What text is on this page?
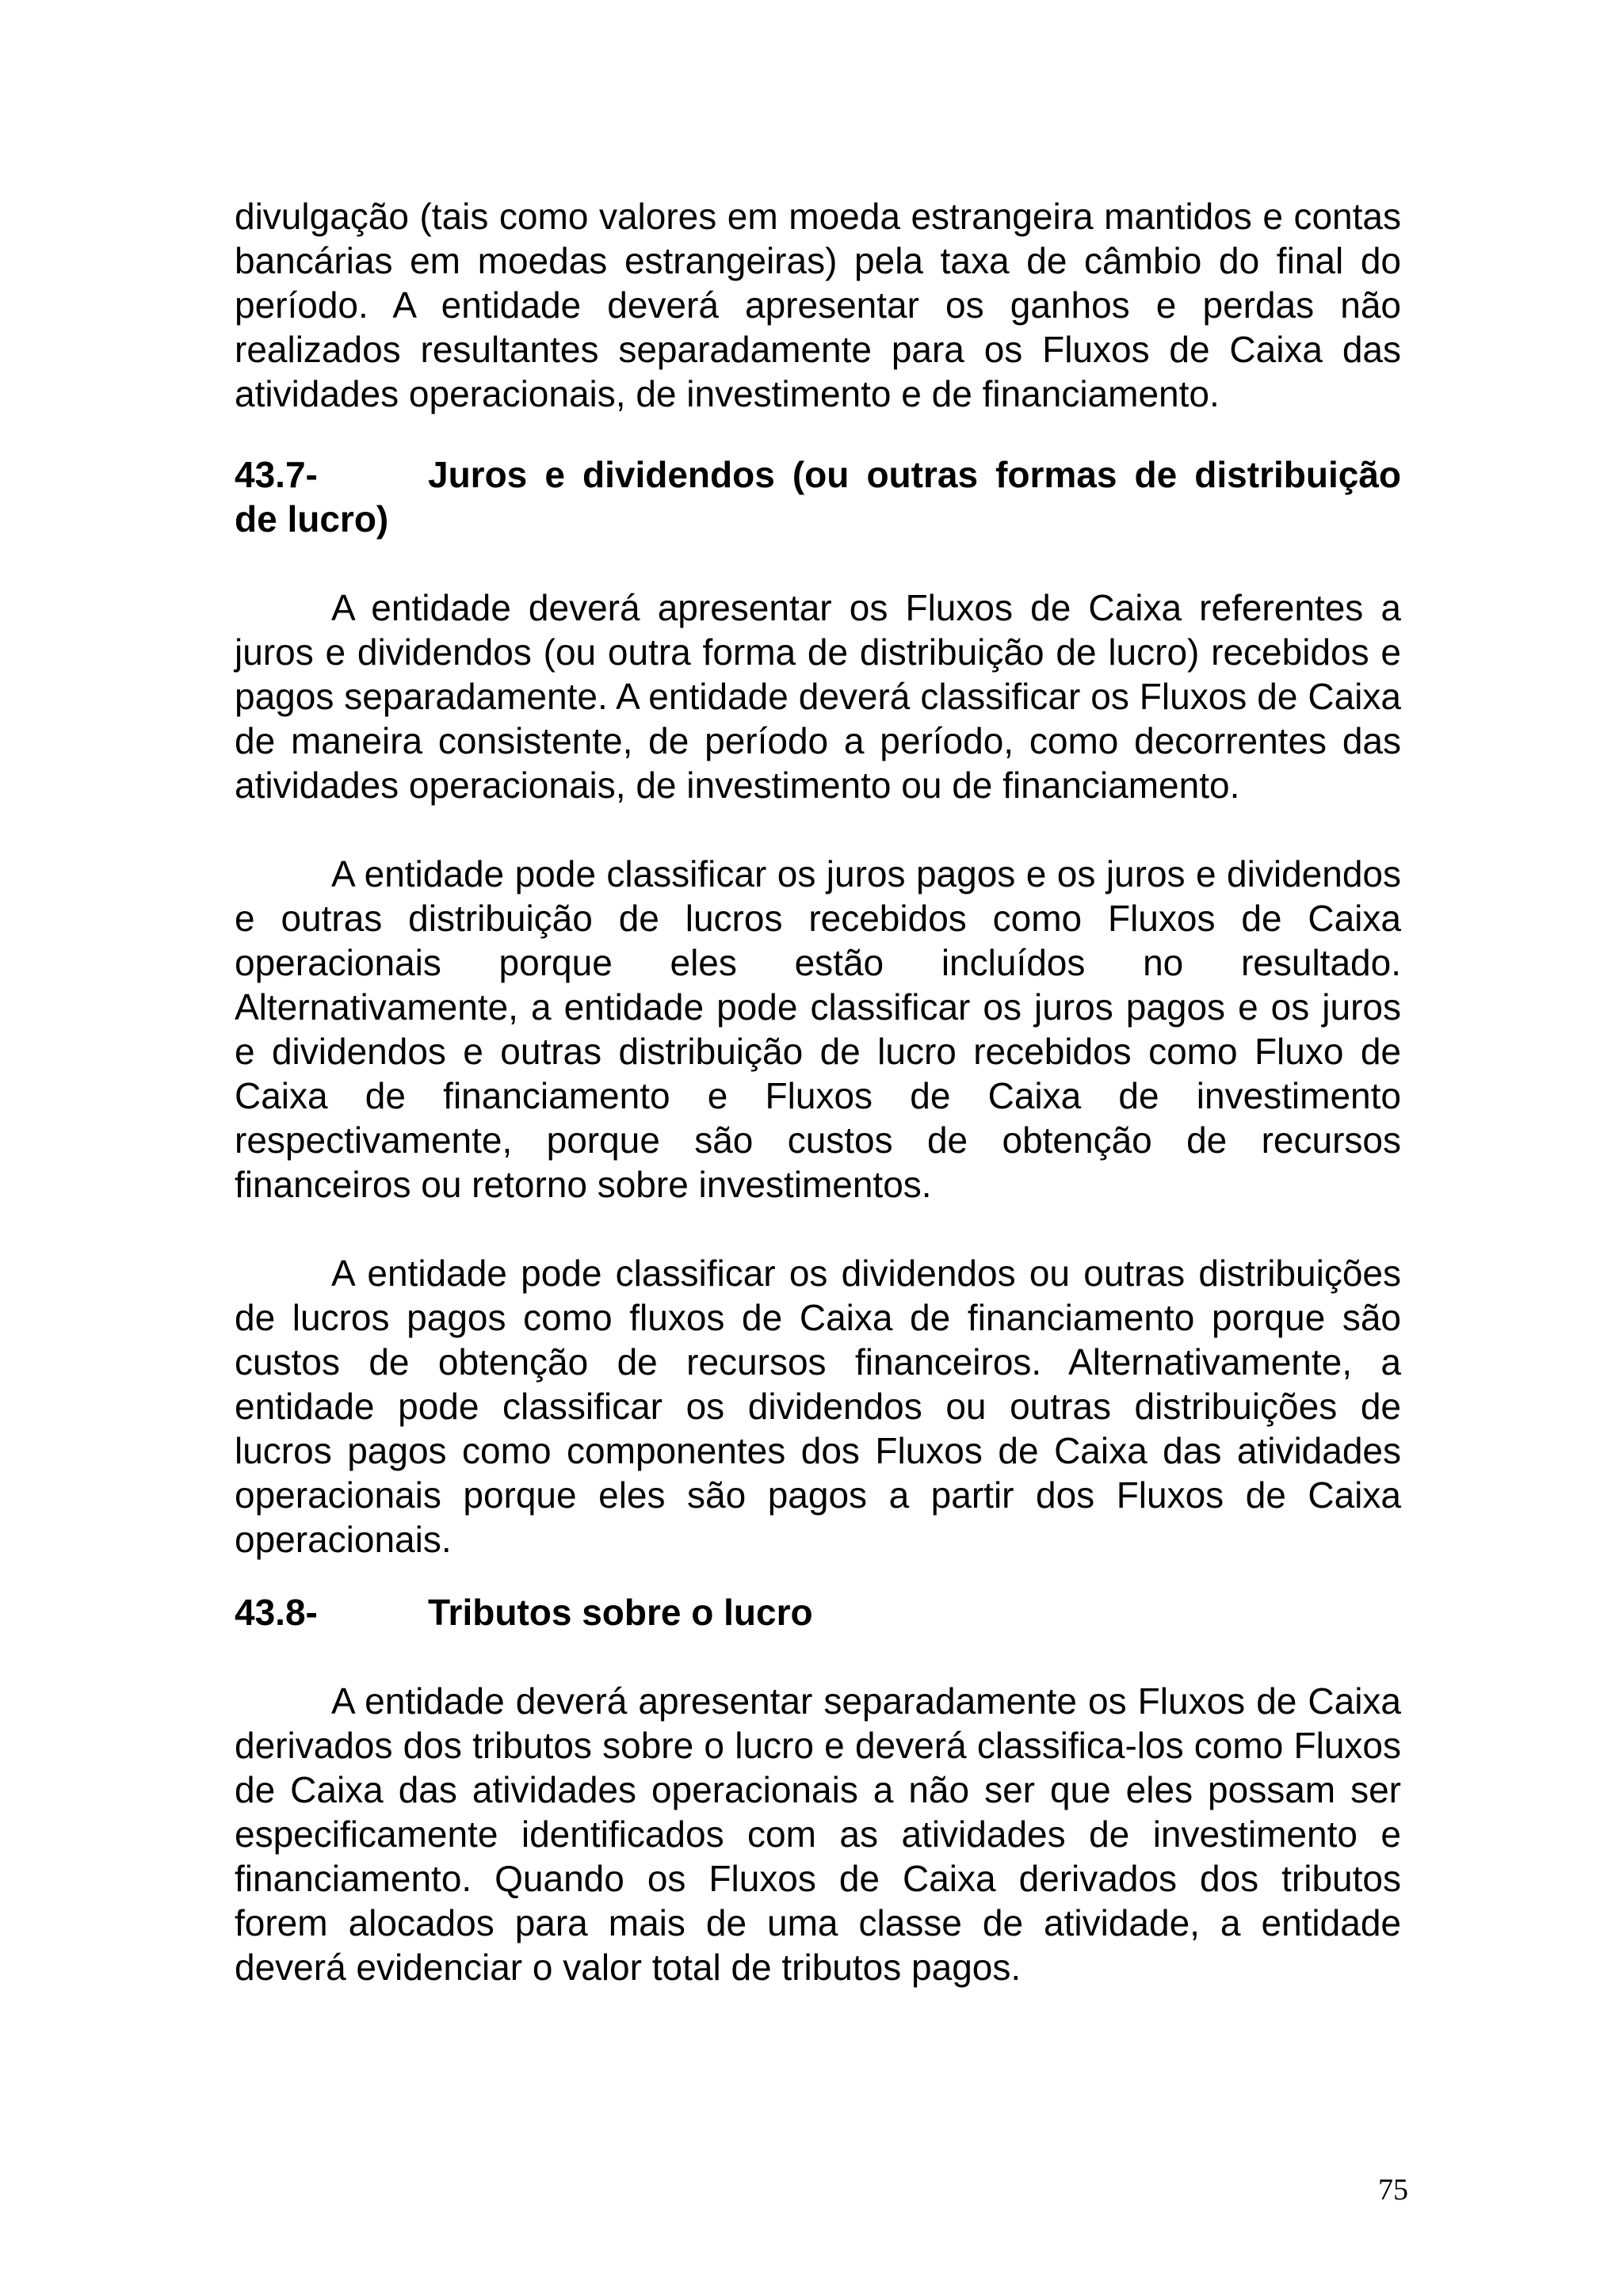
divulgação (tais como valores em moeda estrangeira mantidos e contas bancárias em moedas estrangeiras) pela taxa de câmbio do final do período. A entidade deverá apresentar os ganhos e perdas não realizados resultantes separadamente para os Fluxos de Caixa das atividades operacionais, de investimento e de financiamento.

43.7-	Juros e dividendos (ou outras formas de distribuição de lucro)

A entidade deverá apresentar os Fluxos de Caixa referentes a juros e dividendos (ou outra forma de distribuição de lucro) recebidos e pagos separadamente. A entidade deverá classificar os Fluxos de Caixa de maneira consistente, de período a período, como decorrentes das atividades operacionais, de investimento ou de financiamento.

A entidade pode classificar os juros pagos e os juros e dividendos e outras distribuição de lucros recebidos como Fluxos de Caixa operacionais porque eles estão incluídos no resultado. Alternativamente, a entidade pode classificar os juros pagos e os juros e dividendos e outras distribuição de lucro recebidos como Fluxo de Caixa de financiamento e Fluxos de Caixa de investimento respectivamente, porque são custos de obtenção de recursos financeiros ou retorno sobre investimentos.

A entidade pode classificar os dividendos ou outras distribuições de lucros pagos como fluxos de Caixa de financiamento porque são custos de obtenção de recursos financeiros. Alternativamente, a entidade pode classificar os dividendos ou outras distribuições de lucros pagos como componentes dos Fluxos de Caixa das atividades operacionais porque eles são pagos a partir dos Fluxos de Caixa operacionais.

43.8-	Tributos sobre o lucro

A entidade deverá apresentar separadamente os Fluxos de Caixa derivados dos tributos sobre o lucro e deverá classifica-los como Fluxos de Caixa das atividades operacionais a não ser que eles possam ser especificamente identificados com as atividades de investimento e financiamento. Quando os Fluxos de Caixa derivados dos tributos forem alocados para mais de uma classe de atividade, a entidade deverá evidenciar o valor total de tributos pagos.

75
